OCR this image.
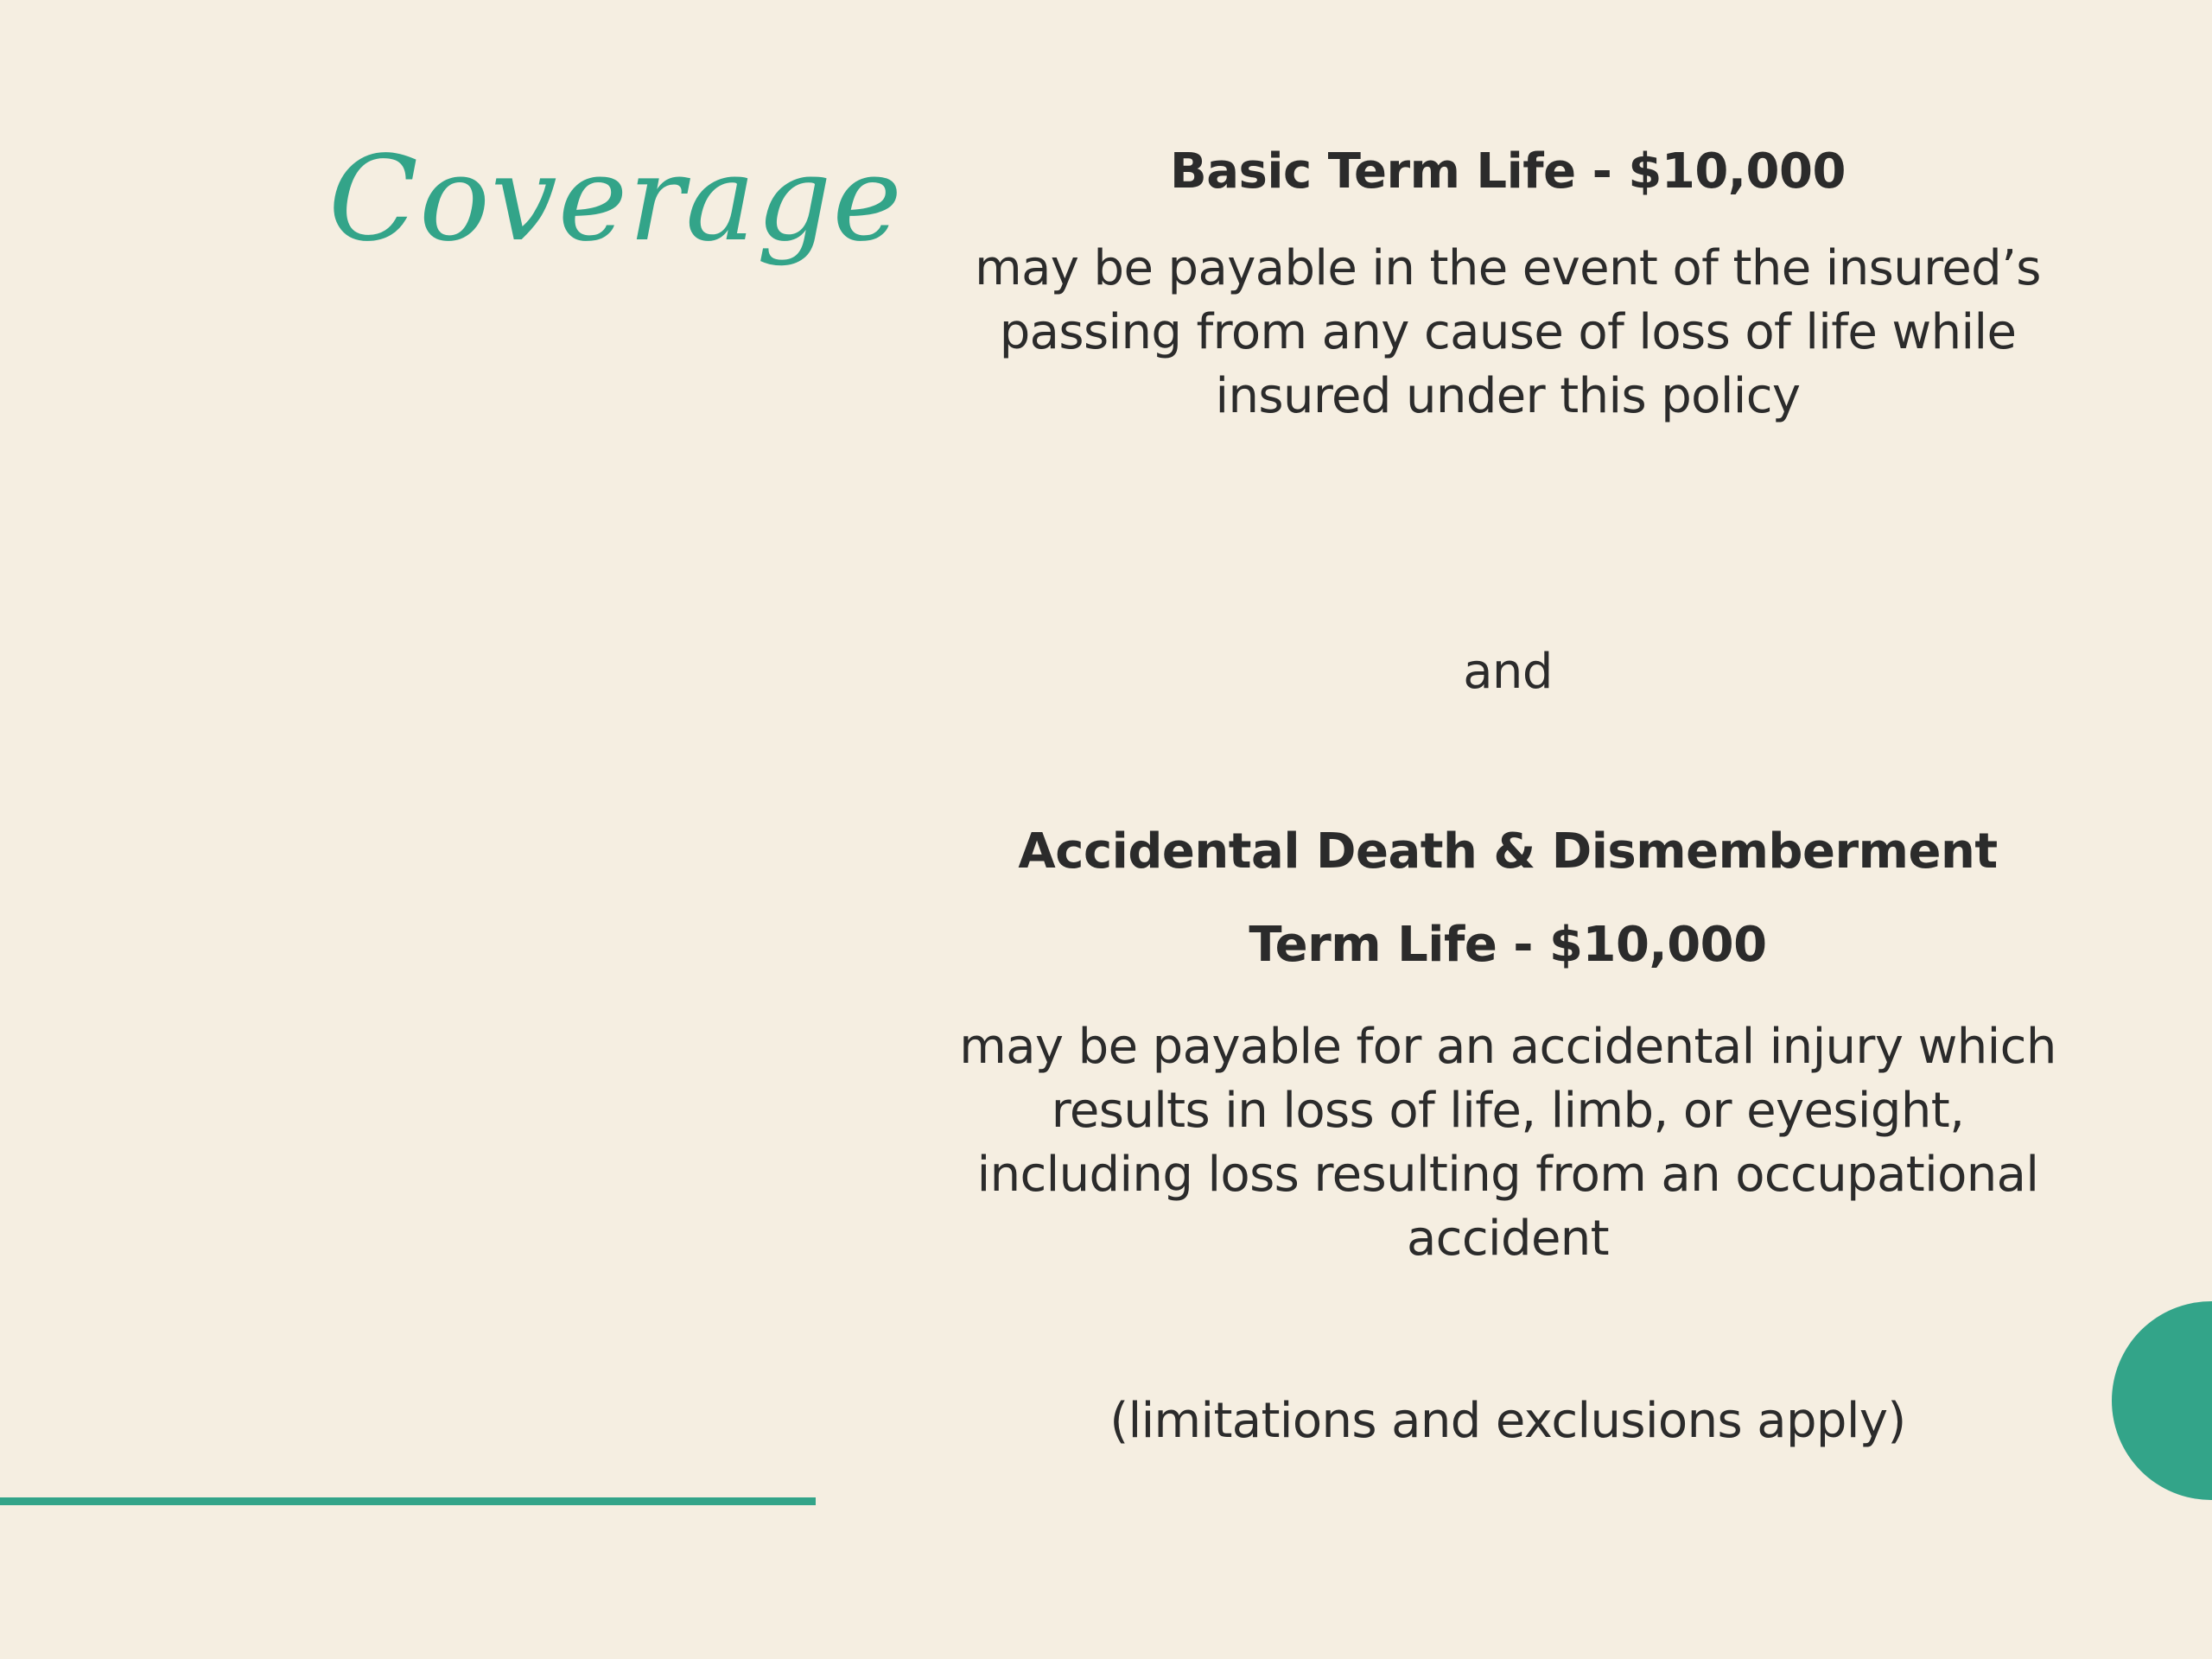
Coverage	Basic Term Life - $10,000

may be payable in the event of the insured’s passing from any cause of loss of life while insured under this policy

and

Accidental Death & Dismemberment

Term Life - $10,000

may be payable for an accidental injury which results in loss of life, limb, or eyesight, including loss resulting from an occupational accident

(limitations and exclusions apply)
